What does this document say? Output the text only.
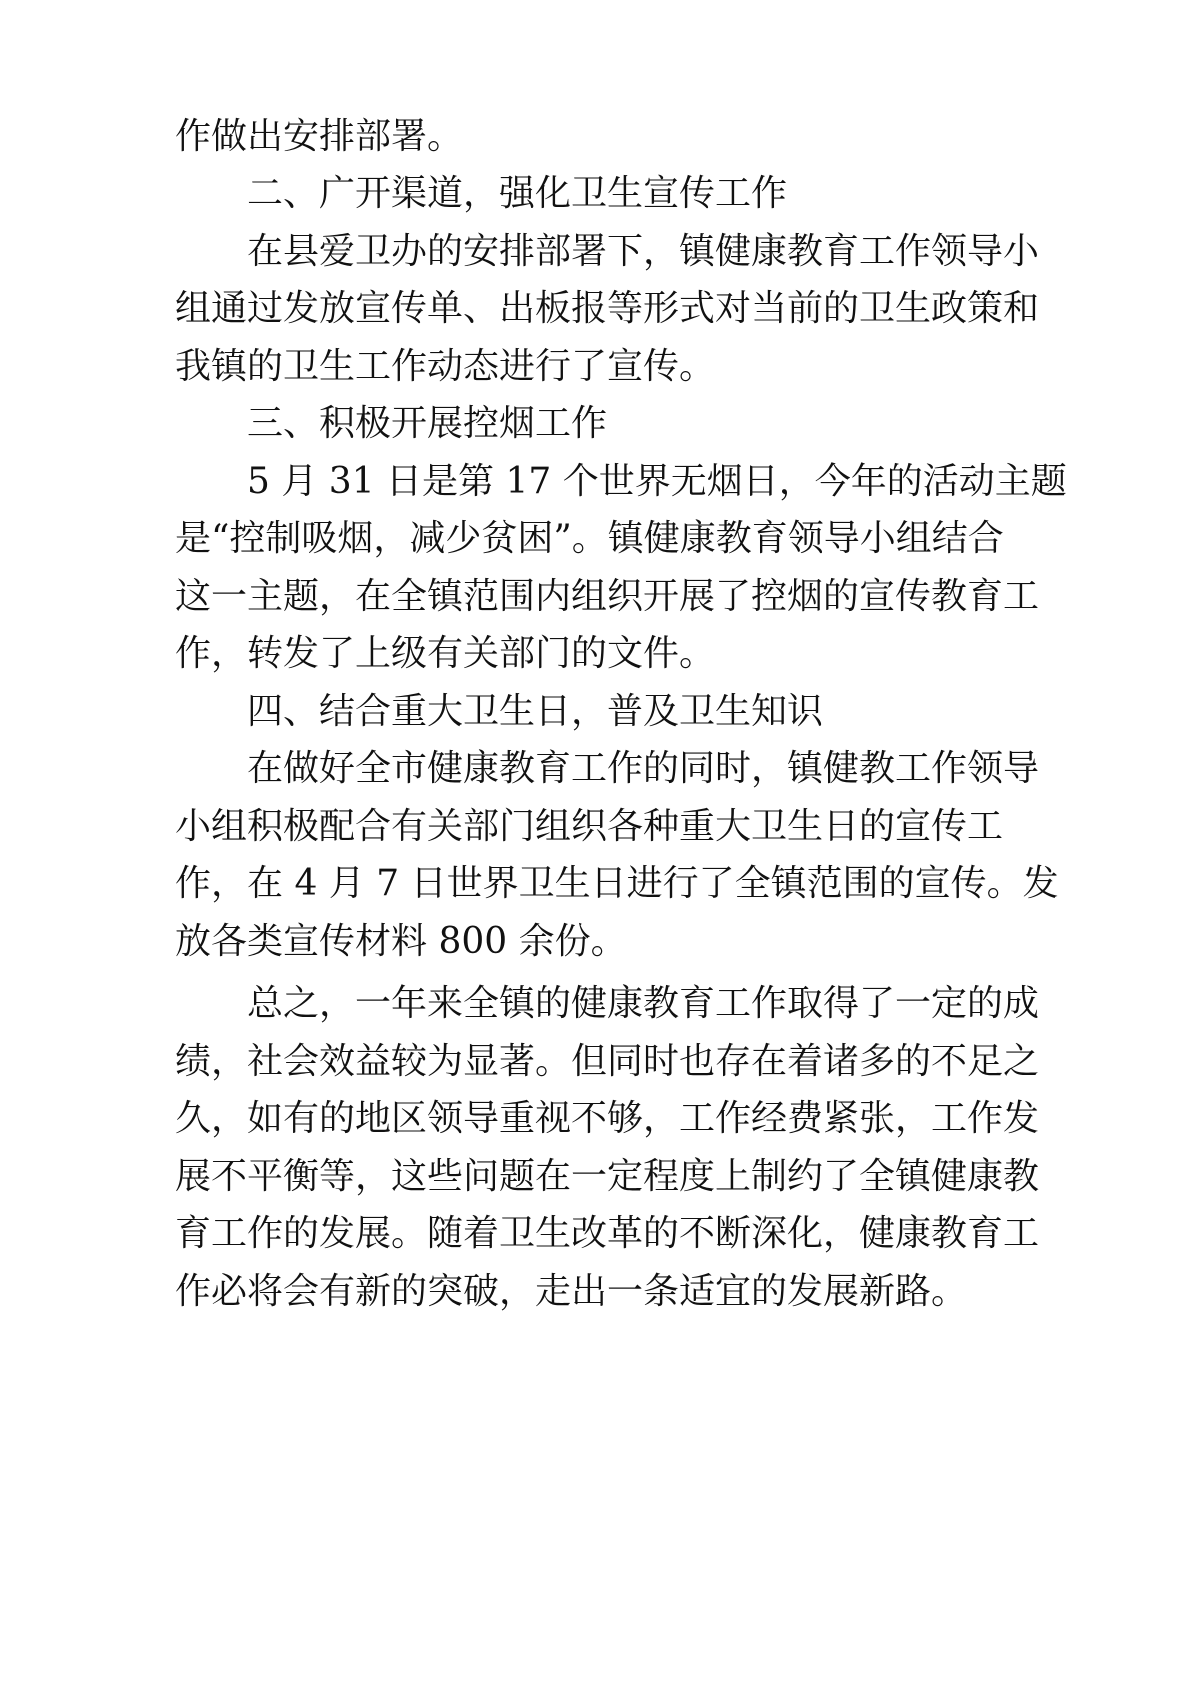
作做出安排部署。
二、广开渠道，强化卫生宣传工作
在县爱卫办的安排部署下，镇健康教育工作领导小
组通过发放宣传单、出板报等形式对当前的卫生政策和
我镇的卫生工作动态进行了宣传。
三、积极开展控烟工作
5 月 31 日是第 17 个世界无烟日，今年的活动主题
是“控制吸烟，减少贫困”。镇健康教育领导小组结合
这一主题，在全镇范围内组织开展了控烟的宣传教育工
作，转发了上级有关部门的文件。
四、结合重大卫生日，普及卫生知识
在做好全市健康教育工作的同时，镇健教工作领导
小组积极配合有关部门组织各种重大卫生日的宣传工
作，在 4 月 7 日世界卫生日进行了全镇范围的宣传。发
放各类宣传材料 800 余份。
总之，一年来全镇的健康教育工作取得了一定的成
绩，社会效益较为显著。但同时也存在着诸多的不足之
久，如有的地区领导重视不够，工作经费紧张，工作发
展不平衡等，这些问题在一定程度上制约了全镇健康教
育工作的发展。随着卫生改革的不断深化，健康教育工
作必将会有新的突破，走出一条适宜的发展新路。
